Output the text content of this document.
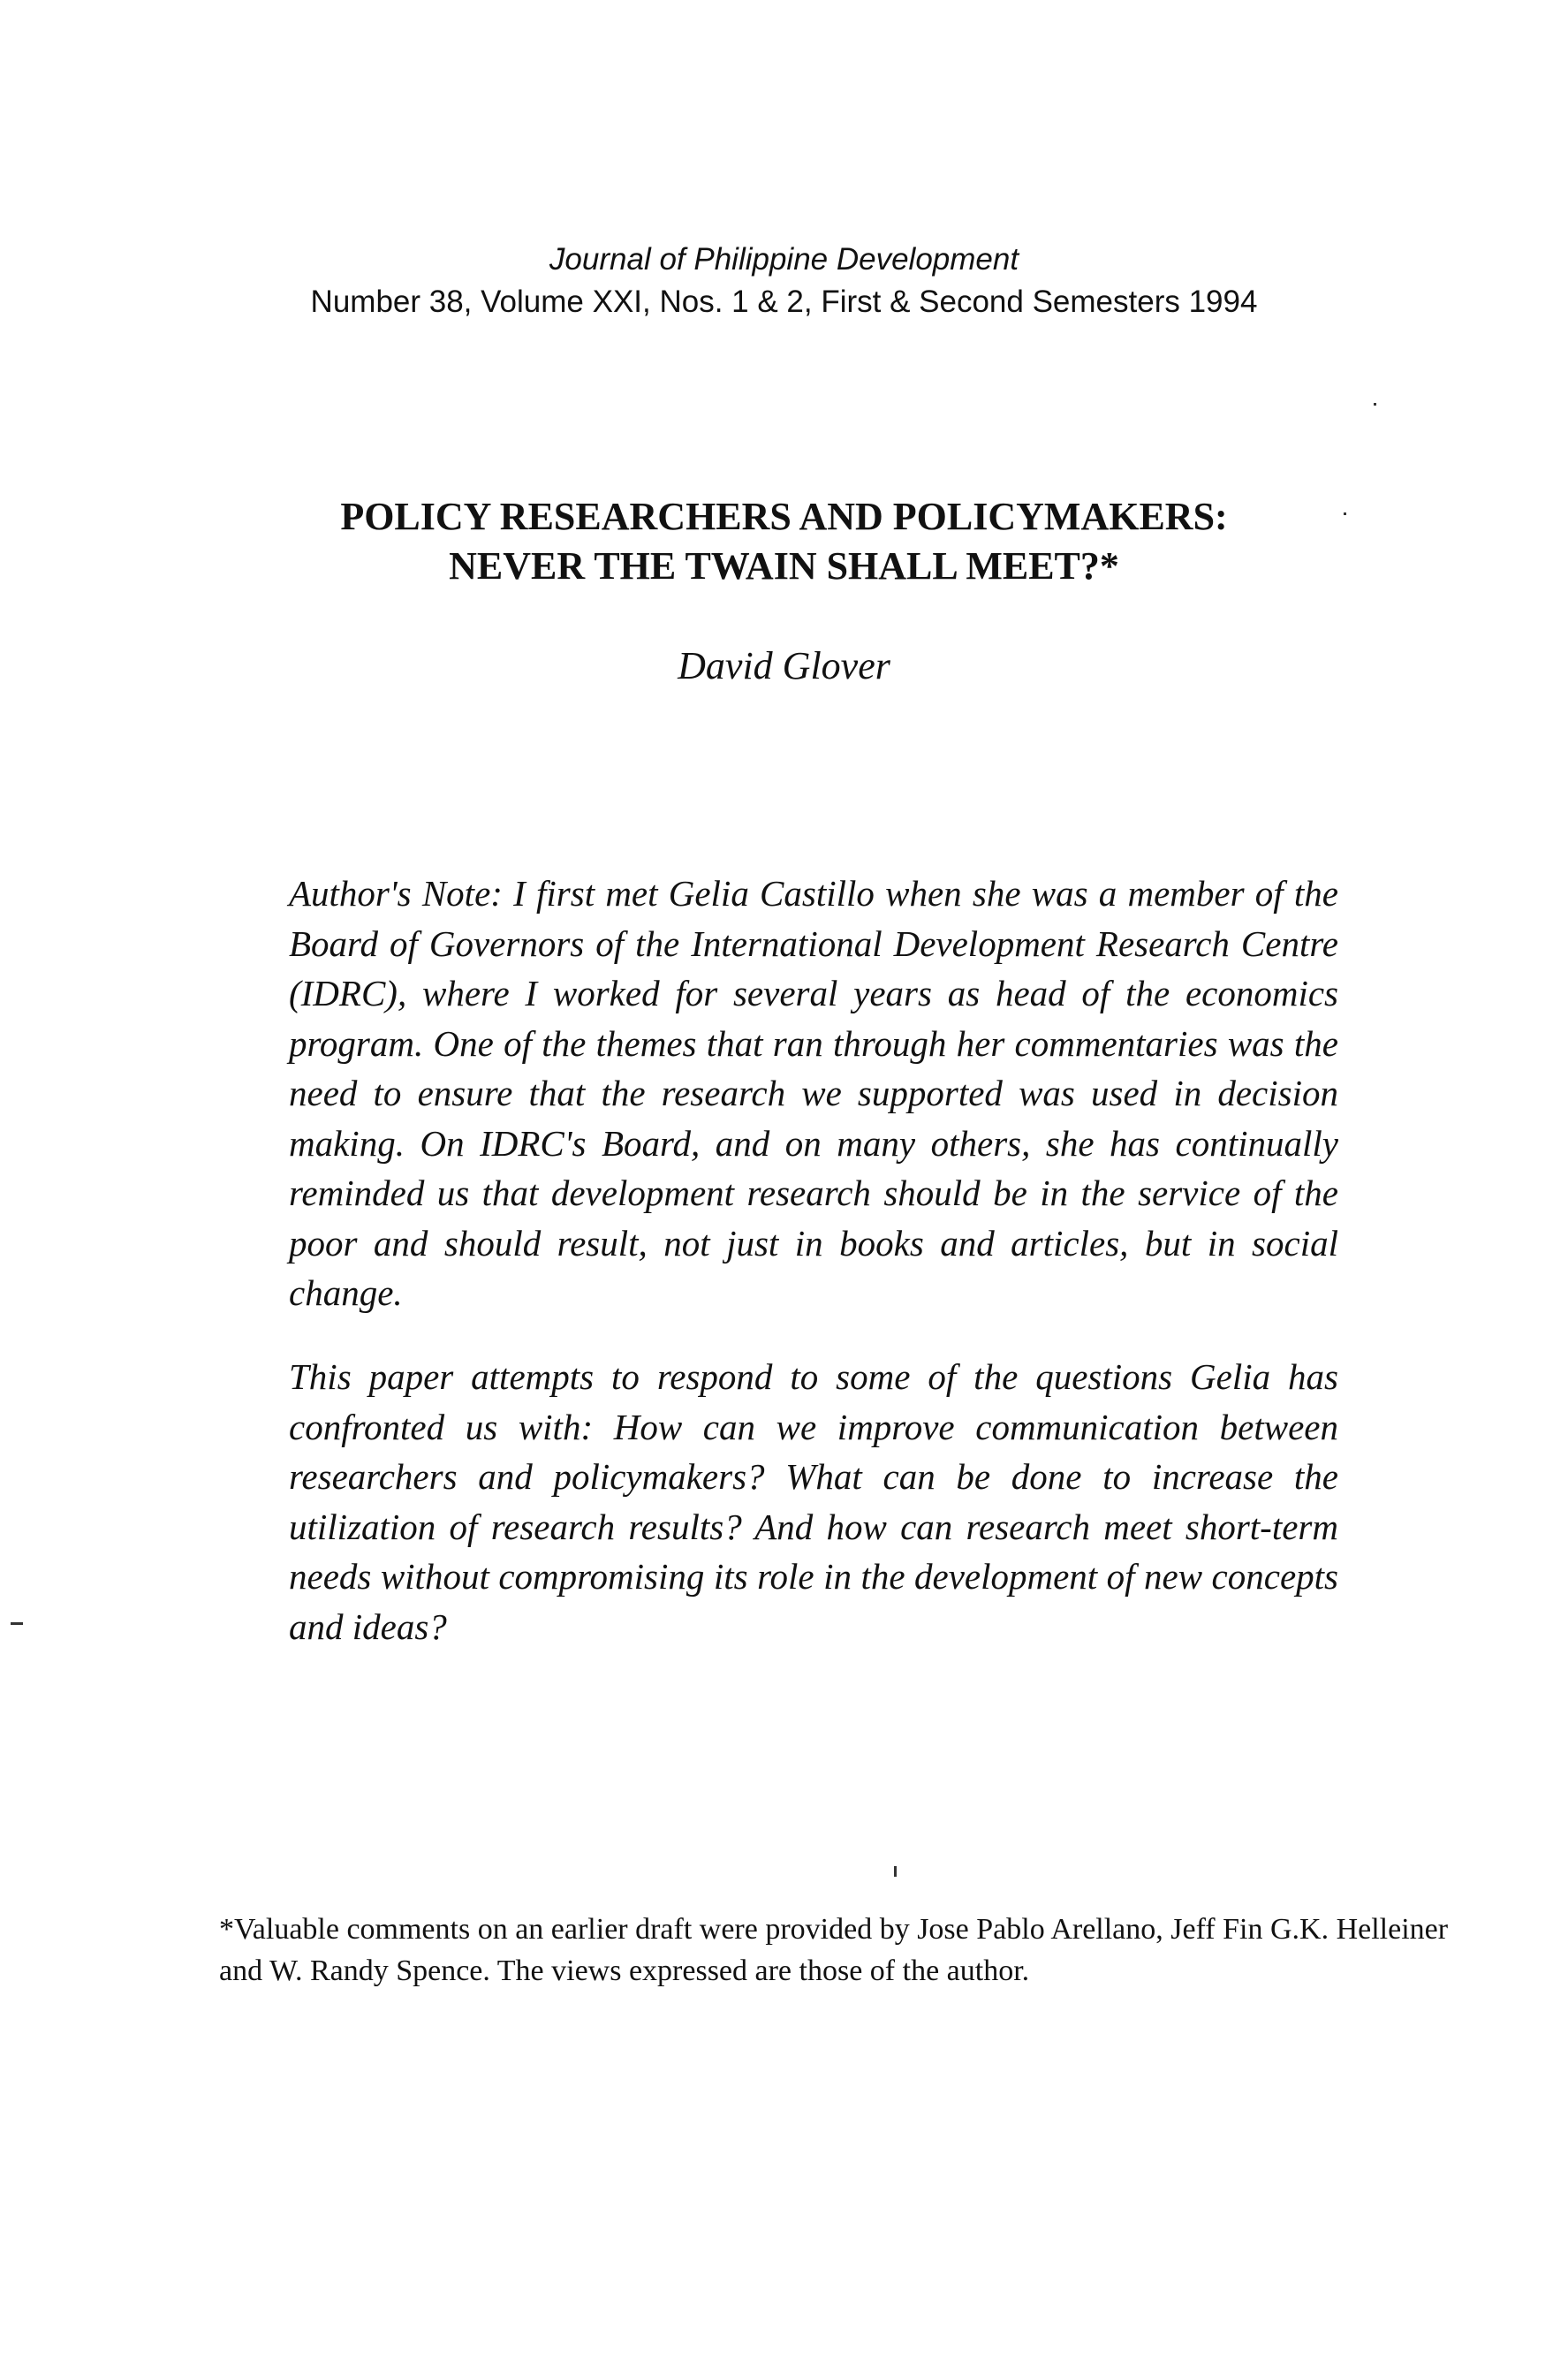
Journal of Philippine Development
Number 38, Volume XXI, Nos. 1 & 2, First & Second Semesters 1994
POLICY RESEARCHERS AND POLICYMAKERS:
NEVER THE TWAIN SHALL MEET?*
David Glover

Author's Note: I first met Gelia Castillo when she was a member of the Board of Governors of the International Development Research Centre (IDRC), where I worked for several years as head of the economics program. One of the themes that ran through her commentaries was the need to ensure that the research we supported was used in decision making. On IDRC's Board, and on many others, she has continually reminded us that development research should be in the service of the poor and should result, not just in books and articles, but in social change.

This paper attempts to respond to some of the questions Gelia has confronted us with: How can we improve communication between researchers and policymakers? What can be done to increase the utilization of research results? And how can research meet short-term needs without compromising its role in the development of new concepts and ideas?

*Valuable comments on an earlier draft were provided by Jose Pablo Arellano, Jeff Fin G.K. Helleiner and W. Randy Spence. The views expressed are those of the author.
